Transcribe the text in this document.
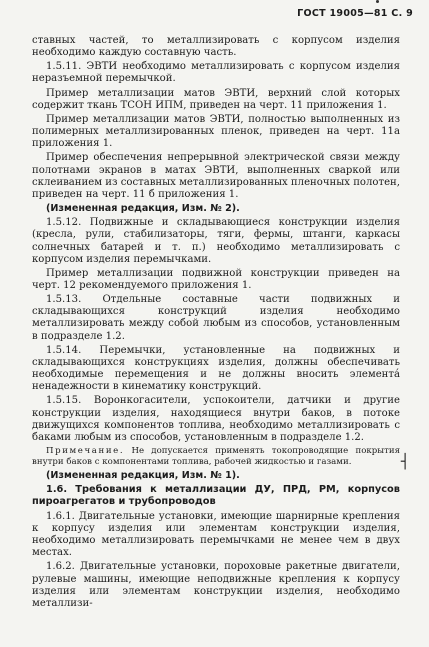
ГОСТ 19005—81 С. 9

ставных частей, то металлизировать с корпусом изделия необходимо каждую составную часть.

1.5.11. ЭВТИ необходимо металлизировать с корпусом изделия неразъемной перемычкой.

Пример металлизации матов ЭВТИ, верхний слой которых содержит ткань ТСОН ИПМ, приведен на черт. 11 приложения 1.

Пример металлизации матов ЭВТИ, полностью выполненных из полимерных металлизированных пленок, приведен на черт. 11а приложения 1.

Пример обеспечения непрерывной электрической связи между полотнами экранов в матах ЭВТИ, выполненных сваркой или склеиванием из составных металлизированных пленочных полотен, приведен на черт. 11 б приложения 1.

(Измененная редакция, Изм. № 2).

1.5.12. Подвижные и складывающиеся конструкции изделия (кресла, рули, стабилизаторы, тяги, фермы, штанги, каркасы солнечных батарей и т. п.) необходимо металлизировать с корпусом изделия перемычками.

Пример металлизации подвижной конструкции приведен на черт. 12 рекомендуемого приложения 1.

1.5.13. Отдельные составные части подвижных и складывающихся конструкций изделия необходимо металлизировать между собой любым из способов, установленным в подразделе 1.2.

1.5.14. Перемычки, установленные на подвижных и складывающихся конструкциях изделия, должны обеспечивать необходимые перемещения и не должны вносить элементá ненадежности в кинематику конструкций.

1.5.15. Воронкогасители, успокоители, датчики и другие конструкции изделия, находящиеся внутри баков, в потоке движущихся компонентов топлива, необходимо металлизировать с баками любым из способов, установленным в подразделе 1.2.

Примечание. Не допускается применять токопроводящие покрытия внутри баков с компонентами топлива, рабочей жидкостью и газами.

(Измененная редакция, Изм. № 1).

1.6. Требования к металлизации ДУ, ПРД, РМ, корпусов пироагрегатов и трубопроводов

1.6.1. Двигательные установки, имеющие шарнирные крепления к корпусу изделия или элементам конструкции изделия, необходимо металлизировать перемычками не менее чем в двух местах.

1.6.2. Двигательные установки, пороховые ракетные двигатели, рулевые машины, имеющие неподвижные крепления к корпусу изделия или элементам конструкции изделия, необходимо металлизи-

┤
